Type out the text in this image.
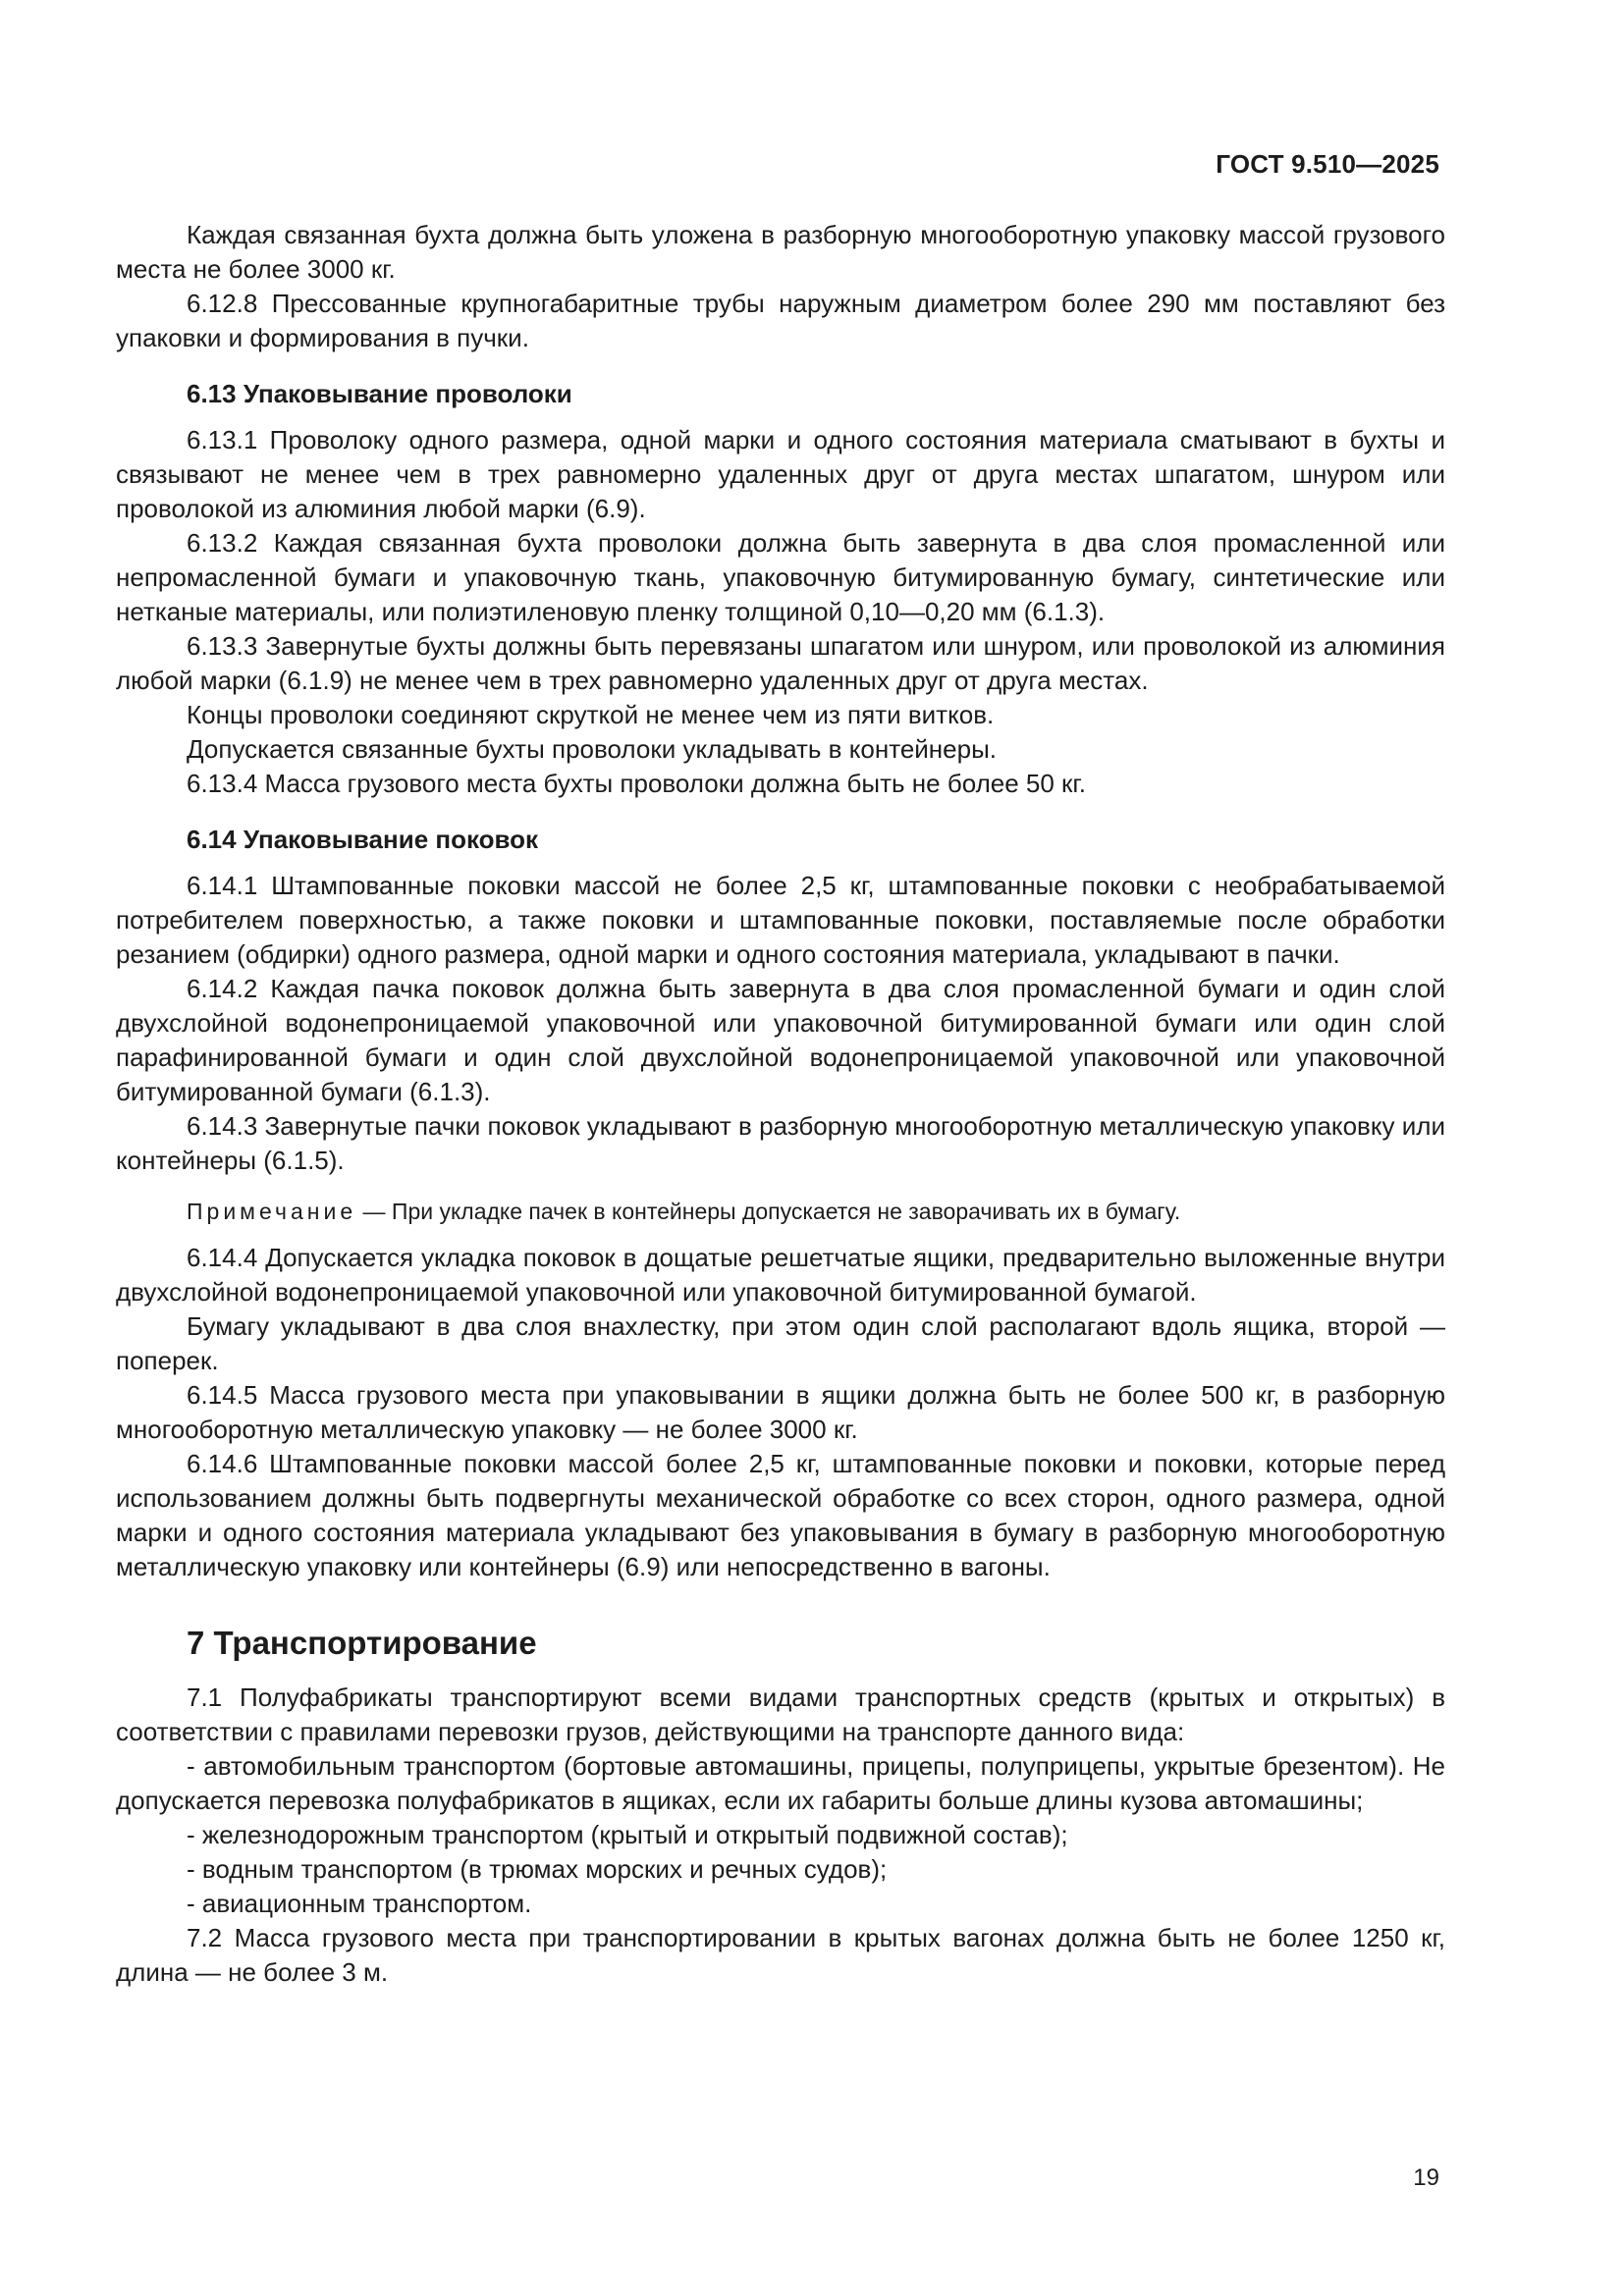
ГОСТ 9.510—2025

Каждая связанная бухта должна быть уложена в разборную многооборотную упаковку массой грузового места не более 3000 кг.

6.12.8 Прессованные крупногабаритные трубы наружным диаметром более 290 мм поставляют без упаковки и формирования в пучки.

6.13 Упаковывание проволоки

6.13.1 Проволоку одного размера, одной марки и одного состояния материала сматывают в бухты и связывают не менее чем в трех равномерно удаленных друг от друга местах шпагатом, шнуром или проволокой из алюминия любой марки (6.9).

6.13.2 Каждая связанная бухта проволоки должна быть завернута в два слоя промасленной или непромасленной бумаги и упаковочную ткань, упаковочную битумированную бумагу, синтетические или нетканые материалы, или полиэтиленовую пленку толщиной 0,10—0,20 мм (6.1.3).

6.13.3 Завернутые бухты должны быть перевязаны шпагатом или шнуром, или проволокой из алюминия любой марки (6.1.9) не менее чем в трех равномерно удаленных друг от друга местах.

Концы проволоки соединяют скруткой не менее чем из пяти витков.

Допускается связанные бухты проволоки укладывать в контейнеры.

6.13.4 Масса грузового места бухты проволоки должна быть не более 50 кг.

6.14 Упаковывание поковок

6.14.1 Штампованные поковки массой не более 2,5 кг, штампованные поковки с необрабатываемой потребителем поверхностью, а также поковки и штампованные поковки, поставляемые после обработки резанием (обдирки) одного размера, одной марки и одного состояния материала, укладывают в пачки.

6.14.2 Каждая пачка поковок должна быть завернута в два слоя промасленной бумаги и один слой двухслойной водонепроницаемой упаковочной или упаковочной битумированной бумаги или один слой парафинированной бумаги и один слой двухслойной водонепроницаемой упаковочной или упаковочной битумированной бумаги (6.1.3).

6.14.3 Завернутые пачки поковок укладывают в разборную многооборотную металлическую упаковку или контейнеры (6.1.5).

Примечание — При укладке пачек в контейнеры допускается не заворачивать их в бумагу.

6.14.4 Допускается укладка поковок в дощатые решетчатые ящики, предварительно выложенные внутри двухслойной водонепроницаемой упаковочной или упаковочной битумированной бумагой.

Бумагу укладывают в два слоя внахлестку, при этом один слой располагают вдоль ящика, второй — поперек.

6.14.5 Масса грузового места при упаковывании в ящики должна быть не более 500 кг, в разборную многооборотную металлическую упаковку — не более 3000 кг.

6.14.6 Штампованные поковки массой более 2,5 кг, штампованные поковки и поковки, которые перед использованием должны быть подвергнуты механической обработке со всех сторон, одного размера, одной марки и одного состояния материала укладывают без упаковывания в бумагу в разборную многооборотную металлическую упаковку или контейнеры (6.9) или непосредственно в вагоны.

7 Транспортирование

7.1 Полуфабрикаты транспортируют всеми видами транспортных средств (крытых и открытых) в соответствии с правилами перевозки грузов, действующими на транспорте данного вида:

- автомобильным транспортом (бортовые автомашины, прицепы, полуприцепы, укрытые брезентом). Не допускается перевозка полуфабрикатов в ящиках, если их габариты больше длины кузова автомашины;

- железнодорожным транспортом (крытый и открытый подвижной состав);

- водным транспортом (в трюмах морских и речных судов);

- авиационным транспортом.

7.2 Масса грузового места при транспортировании в крытых вагонах должна быть не более 1250 кг, длина — не более 3 м.

19
